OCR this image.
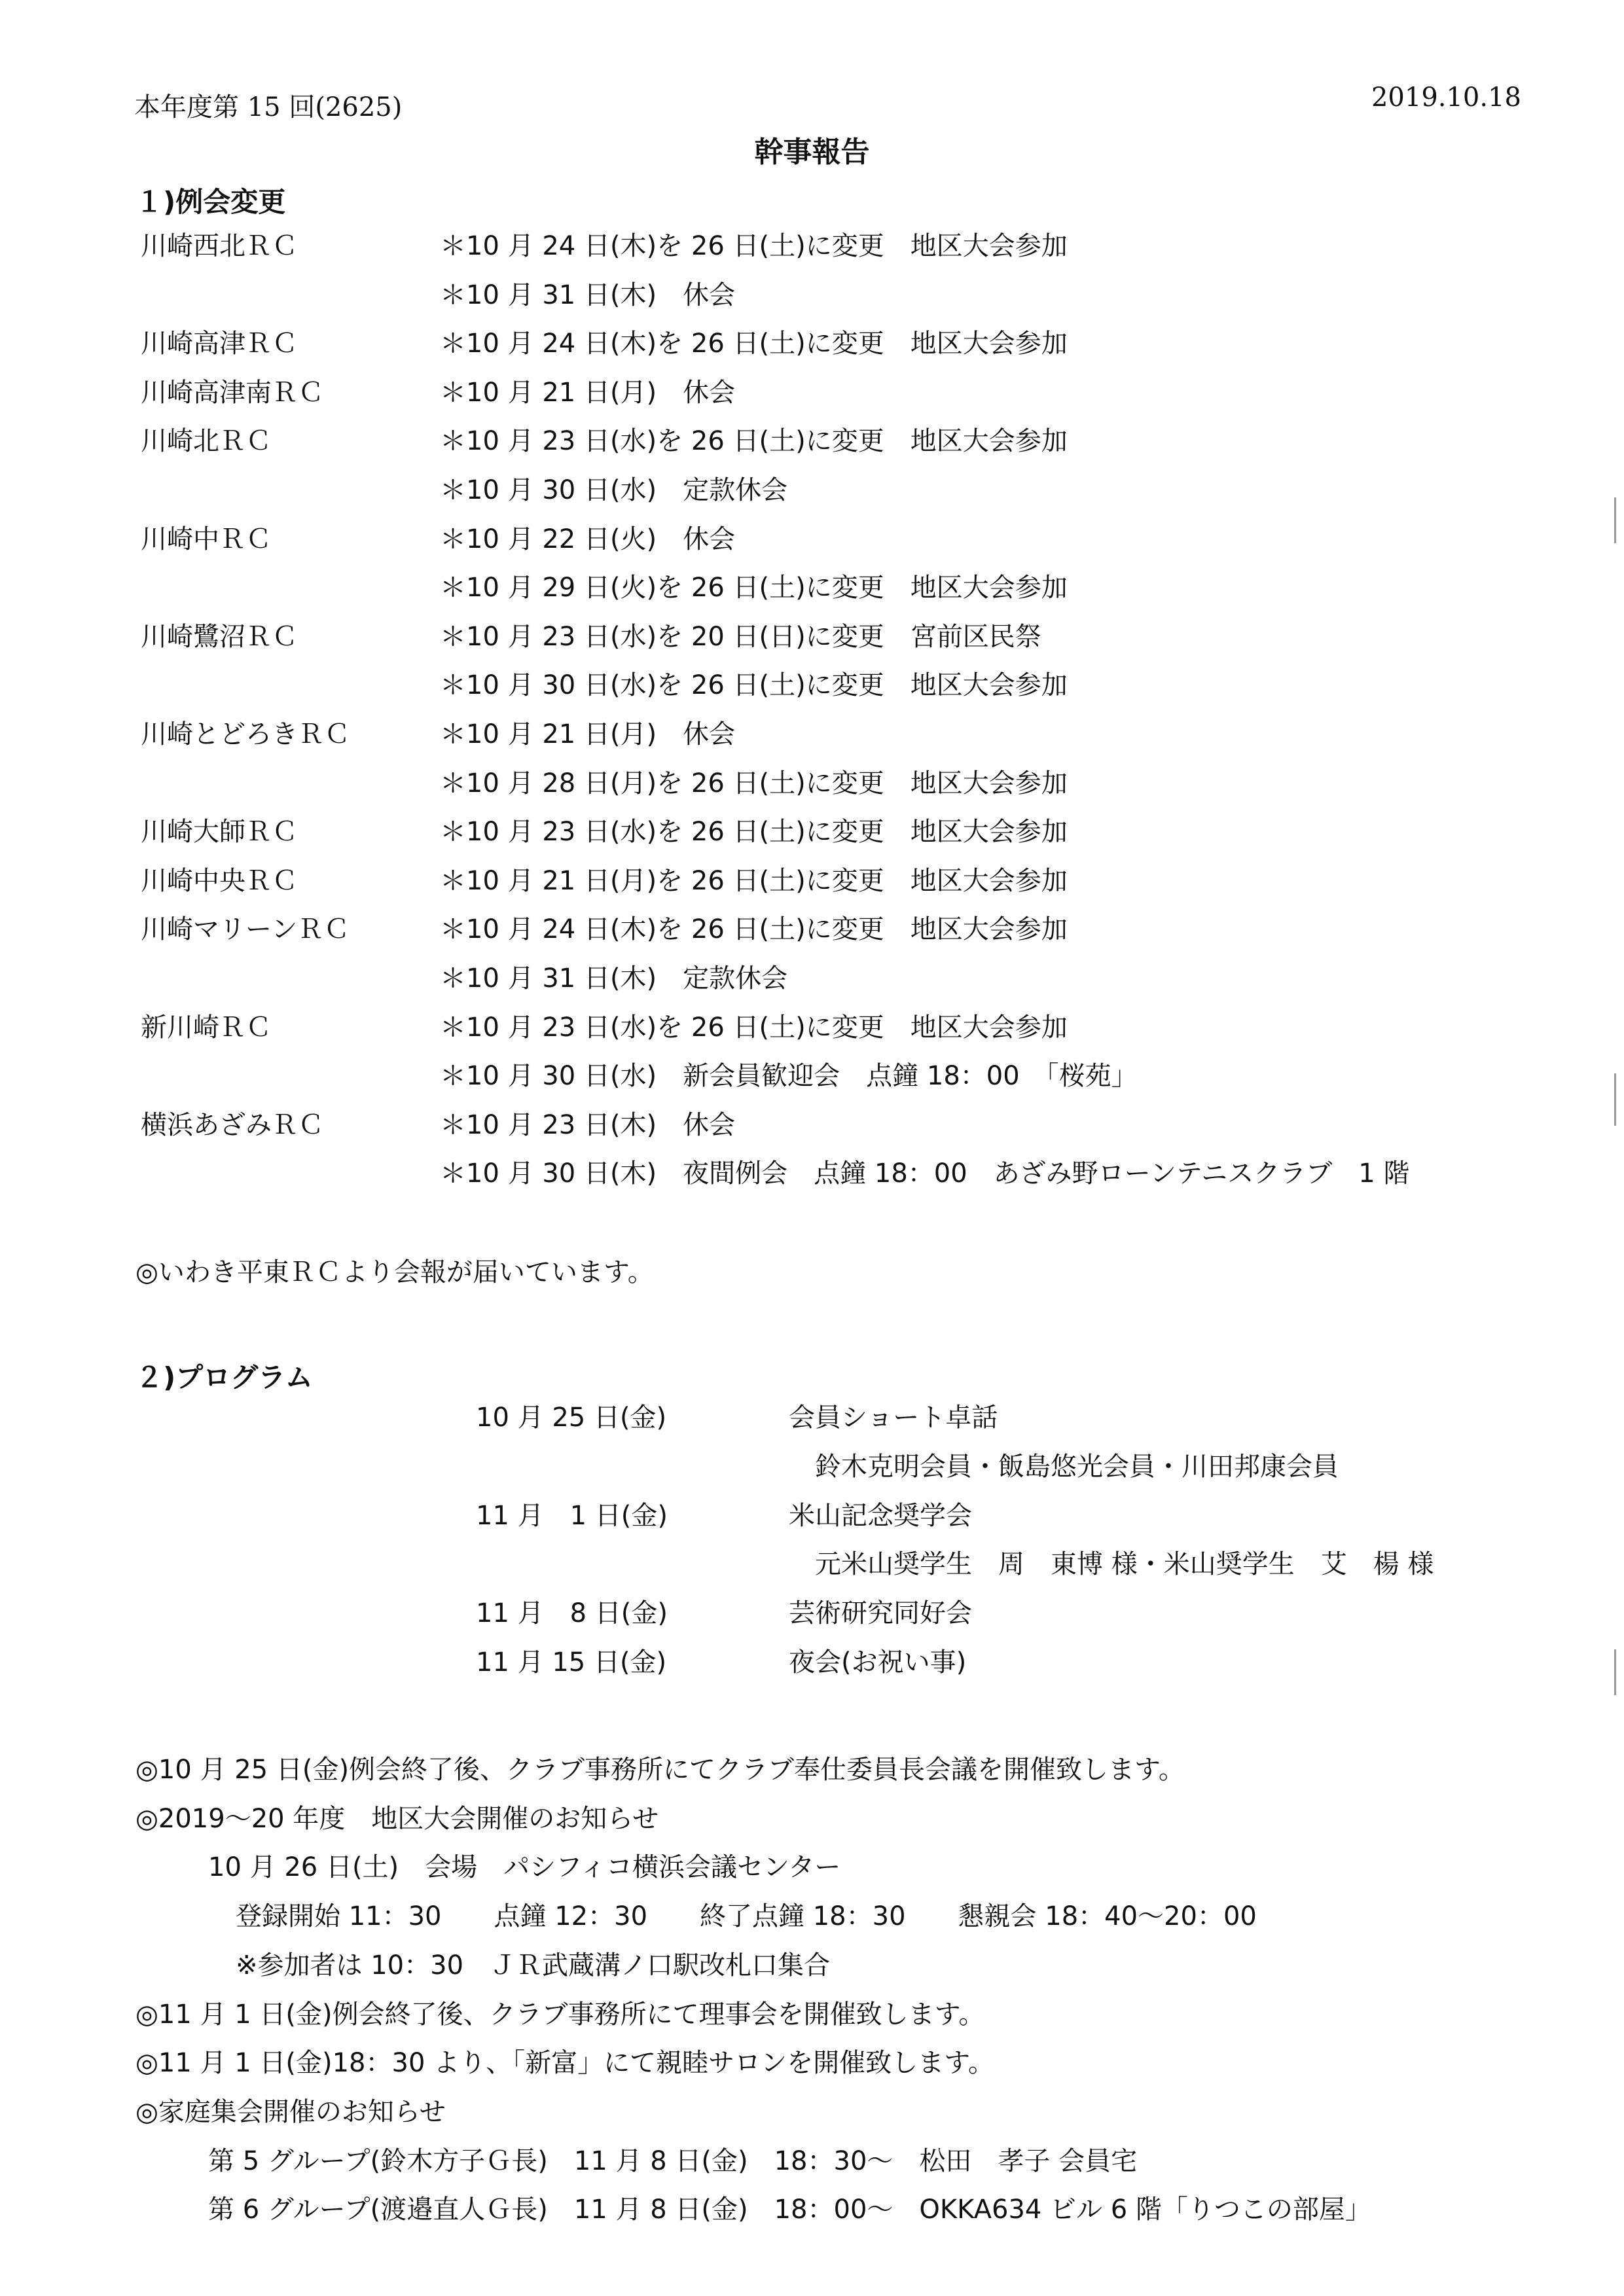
本年度第 15 回(2625)	2019.10.18
幹事報告
１)例会変更
川崎西北ＲＣ	＊10 月 24 日(木)を 26 日(土)に変更　地区大会参加
＊10 月 31 日(木)　休会
川崎高津ＲＣ	＊10 月 24 日(木)を 26 日(土)に変更　地区大会参加
川崎高津南ＲＣ	＊10 月 21 日(月)　休会
川崎北ＲＣ	＊10 月 23 日(水)を 26 日(土)に変更　地区大会参加
＊10 月 30 日(水)　定款休会
川崎中ＲＣ	＊10 月 22 日(火)　休会
＊10 月 29 日(火)を 26 日(土)に変更　地区大会参加
川崎鷺沼ＲＣ	＊10 月 23 日(水)を 20 日(日)に変更　宮前区民祭
＊10 月 30 日(水)を 26 日(土)に変更　地区大会参加
川崎とどろきＲＣ	＊10 月 21 日(月)　休会
＊10 月 28 日(月)を 26 日(土)に変更　地区大会参加
川崎大師ＲＣ	＊10 月 23 日(水)を 26 日(土)に変更　地区大会参加
川崎中央ＲＣ	＊10 月 21 日(月)を 26 日(土)に変更　地区大会参加
川崎マリーンＲＣ	＊10 月 24 日(木)を 26 日(土)に変更　地区大会参加
＊10 月 31 日(木)　定款休会
新川崎ＲＣ	＊10 月 23 日(水)を 26 日(土)に変更　地区大会参加
＊10 月 30 日(水)　新会員歓迎会　点鐘 18：00　「桜苑」
横浜あざみＲＣ	＊10 月 23 日(木)　休会
＊10 月 30 日(木)　夜間例会　点鐘 18：00　あざみ野ローンテニスクラブ　1 階
◎いわき平東ＲＣより会報が届いています。
２)プログラム
10 月 25 日(金)	会員ショート卓話
　鈴木克明会員・飯島悠光会員・川田邦康会員
11 月　1 日(金)	米山記念奨学会
　元米山奨学生　周　東博 様・米山奨学生　艾　楊 様
11 月　8 日(金)	芸術研究同好会
11 月 15 日(金)	夜会(お祝い事)
◎10 月 25 日(金)例会終了後、クラブ事務所にてクラブ奉仕委員長会議を開催致します。
◎2019～20 年度　地区大会開催のお知らせ
10 月 26 日(土)　会場　パシフィコ横浜会議センター
登録開始 11：30　　点鐘 12：30　　終了点鐘 18：30　　懇親会 18：40～20：00
※参加者は 10：30　ＪＲ武蔵溝ノ口駅改札口集合
◎11 月 1 日(金)例会終了後、クラブ事務所にて理事会を開催致します。
◎11 月 1 日(金)18：30 より、「新富」にて親睦サロンを開催致します。
◎家庭集会開催のお知らせ
第 5 グループ(鈴木方子Ｇ長)　11 月 8 日(金)　18：30～　松田　孝子 会員宅
第 6 グループ(渡邉直人Ｇ長)　11 月 8 日(金)　18：00～　OKKA634 ビル 6 階「りつこの部屋」
